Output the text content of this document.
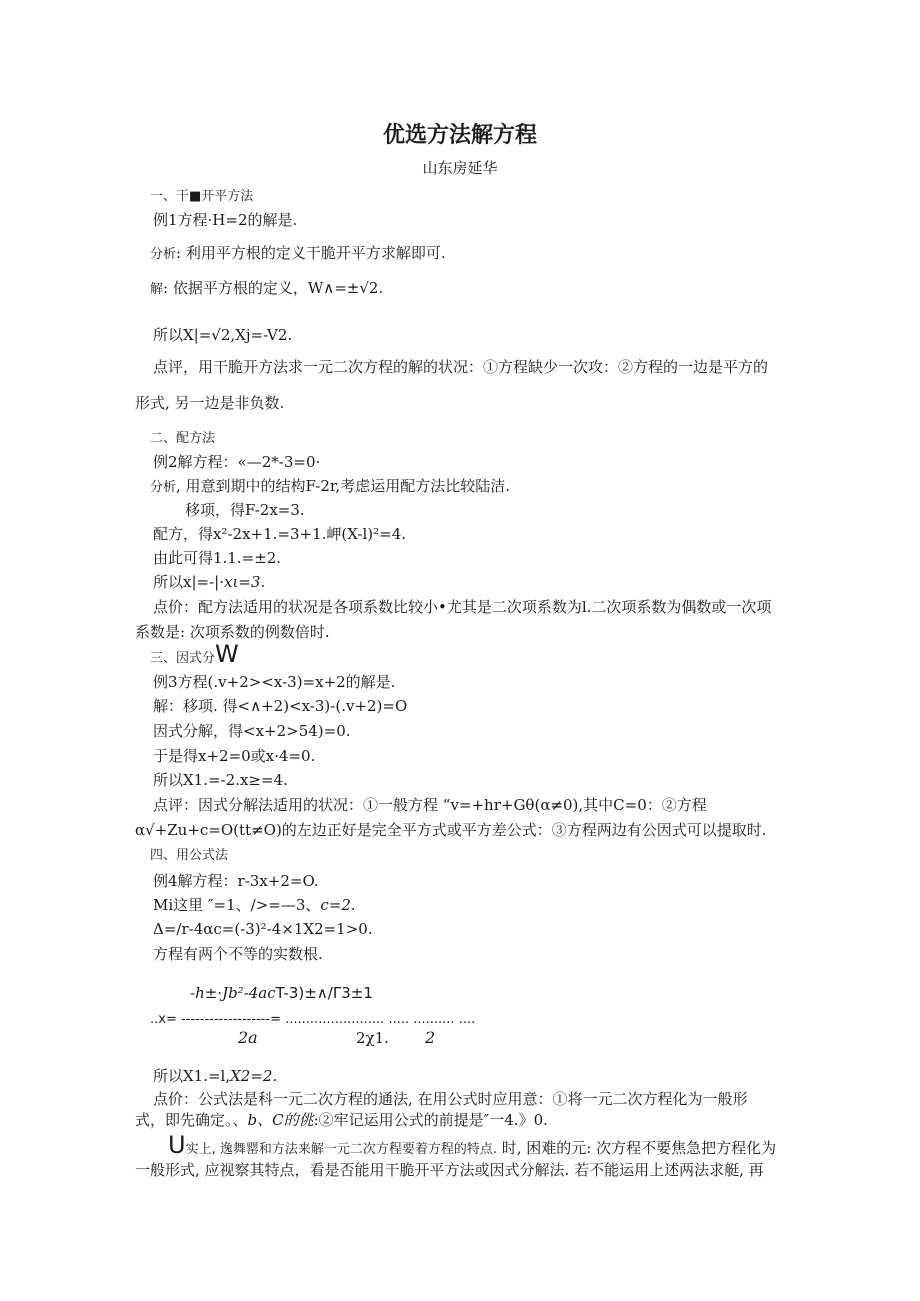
优选方法解方程
山东房延华
一、干■开平方法
例1方程·H=2的解是.
分析: 利用平方根的定义干脆开平方求解即可.
解: 依据平方根的定义，W∧=±√2.
所以X|=√2,Xj=-V2.
点评，用干脆开方法求一元二次方程的解的状况：①方程缺少一次攻：②方程的一边是平方的
形式, 另一边是非负数.
二、配方法
例2解方程：«—2*-3=0·
分析, 用意到期中的结构F-2r,考虑运用配方法比较陆洁.
移项，得F-2x=3.
配方，得x²-2x+1.=3+1.岬(X-l)²=4.
由此可得1.1.=±2.
所以x|=-|·xι=3.
点价：配方法适用的状况是各项系数比较小•尤其是二次项系数为l.二次项系数为偶数或一次项
系数是: 次项系数的例数倍时.
三、因式分W
例3方程(.v+2><x-3)=x+2的解是.
解：移项. 得<∧+2)<x-3)-(.v+2)=O
因式分解，得<x+2>54)=0.
于是得x+2=0或x·4=0.
所以X1.=-2.x≥=4.
点评：因式分解法适用的状况：①一般方程 “v=+hr+Gθ(α≠0),其中C=0：②方程
α√+Zu+c=O(tt≠O)的左边正好是完全平方式或平方差公式：③方程两边有公因式可以提取时.
四、用公式法
例4解方程：r-3x+2=O.
Mi这里 ″=1、/>=—3、c=2.
Δ=/r-4αc=(-3)²-4×1X2=1>0.
方程有两个不等的实数根.
-h±·Jb²-4acT-3)±∧/Γ3±1
..x= -------------------= ........................ ..... .......... ....
2a	2χ1. 2
所以X1.=l,X2=2.
点价：公式法是科一元二次方程的通法, 在用公式时应用意：①将一元二次方程化为一般形
式，即先确定。、b、C的佻:②牢记运用公式的前提是″一4.》0.
U实上, 逸舞罂和方法来解一元二次方程要着方程的特点. 时, 困难的元: 次方程不要焦急把方程化为
一般形式, 应视察其特点，看是否能用干脆开平方法或因式分解法. 若不能运用上述两法求艇, 再
